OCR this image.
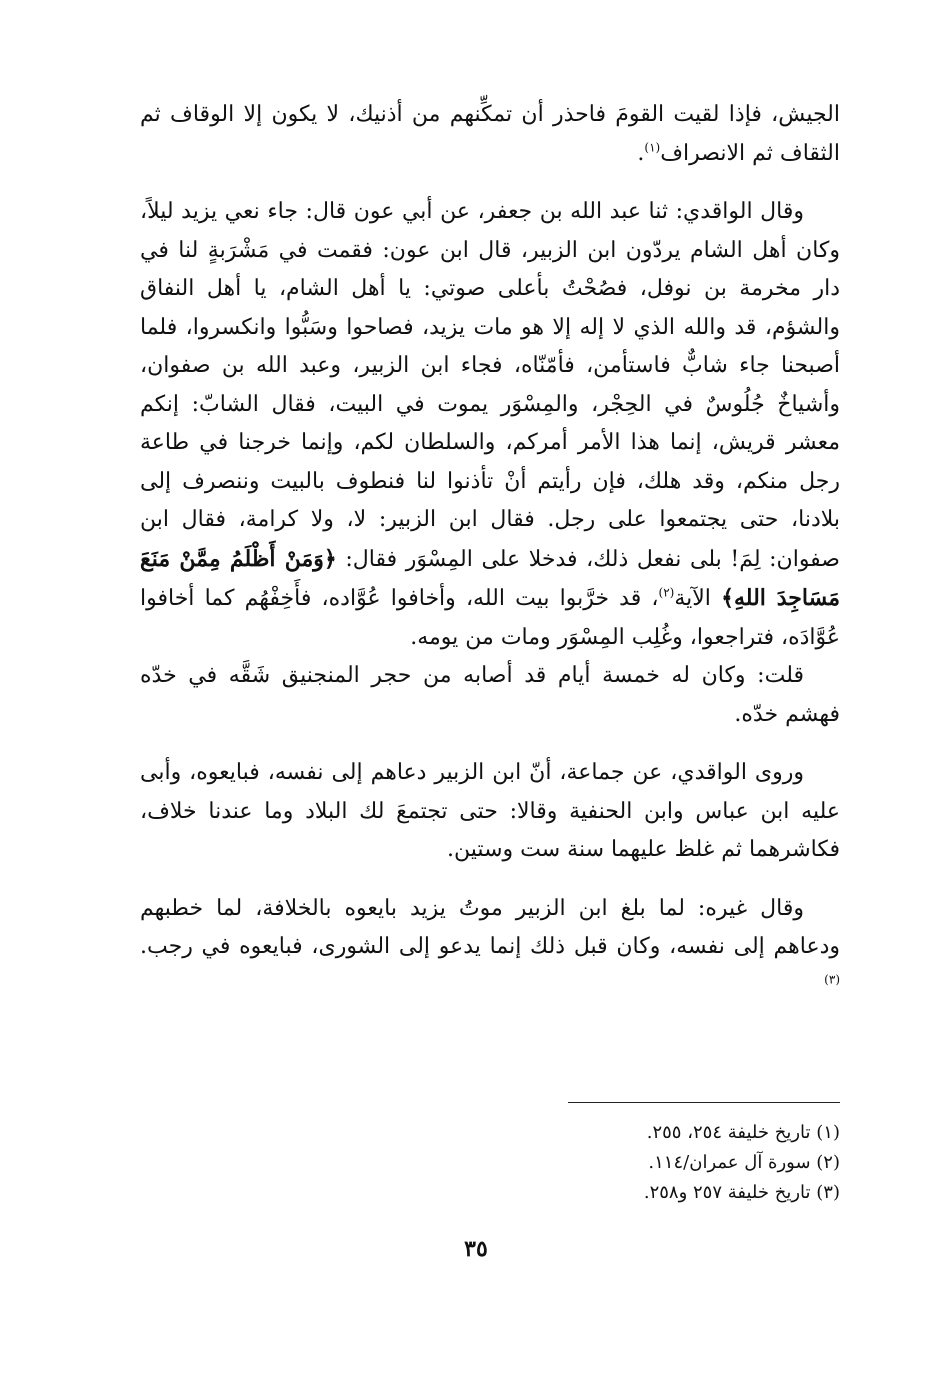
الجيش، فإذا لقيت القومَ فاحذر أن تمكِّنهم من أذنيك، لا يكون إلا الوقاف ثم الثقاف ثم الانصراف$^{(١)}$.

وقال الواقدي: ثنا عبد الله بن جعفر، عن أبي عون قال: جاء نعي يزيد ليلاً، وكان أهل الشام يردّون ابن الزبير، قال ابن عون: فقمت في مَشْرَبةٍ لنا في دار مخرمة بن نوفل، فصُحْتُ بأعلى صوتي: يا أهل الشام، يا أهل النفاق والشؤم، قد والله الذي لا إله إلا هو مات يزيد، فصاحوا وسَبُّوا وانكسروا، فلما أصبحنا جاء شابٌّ فاستأمن، فأمّنّاه، فجاء ابن الزبير، وعبد الله بن صفوان، وأشياخٌ جُلُوسٌ في الحِجْر، والمِسْوَر يموت في البيت، فقال الشابّ: إنكم معشر قريش، إنما هذا الأمر أمركم، والسلطان لكم، وإنما خرجنا في طاعة رجل منكم، وقد هلك، فإن رأيتم أنْ تأذنوا لنا فنطوف بالبيت وننصرف إلى بلادنا، حتى يجتمعوا على رجل. فقال ابن الزبير: لا، ولا كرامة، فقال ابن صفوان: لِمَ! بلى نفعل ذلك، فدخلا على المِسْوَر فقال: ﴿وَمَنْ أَظْلَمُ مِمَّنْ مَنَعَ مَسَاجِدَ اللهِ﴾ الآية$^{(٢)}$، قد خرَّبوا بيت الله، وأخافوا عُوَّاده، فأَخِفْهُم كما أخافوا عُوَّادَه، فتراجعوا، وغُلِب المِسْوَر ومات من يومه.

قلت: وكان له خمسة أيام قد أصابه من حجر المنجنيق شَقَّه في خدّه فهشم خدّه.

وروى الواقدي، عن جماعة، أنّ ابن الزبير دعاهم إلى نفسه، فبايعوه، وأبى عليه ابن عباس وابن الحنفية وقالا: حتى تجتمعَ لك البلاد وما عندنا خلاف، فكاشرهما ثم غلظ عليهما سنة ست وستين.

وقال غيره: لما بلغ ابن الزبير موتُ يزيد بايعوه بالخلافة، لما خطبهم ودعاهم إلى نفسه، وكان قبل ذلك إنما يدعو إلى الشورى، فبايعوه في رجب. $^{(٣)}$

(١) تاريخ خليفة ٢٥٤، ٢٥٥.

(٢) سورة آل عمران/١١٤.

(٣) تاريخ خليفة ٢٥٧ و٢٥٨.

٣٥
